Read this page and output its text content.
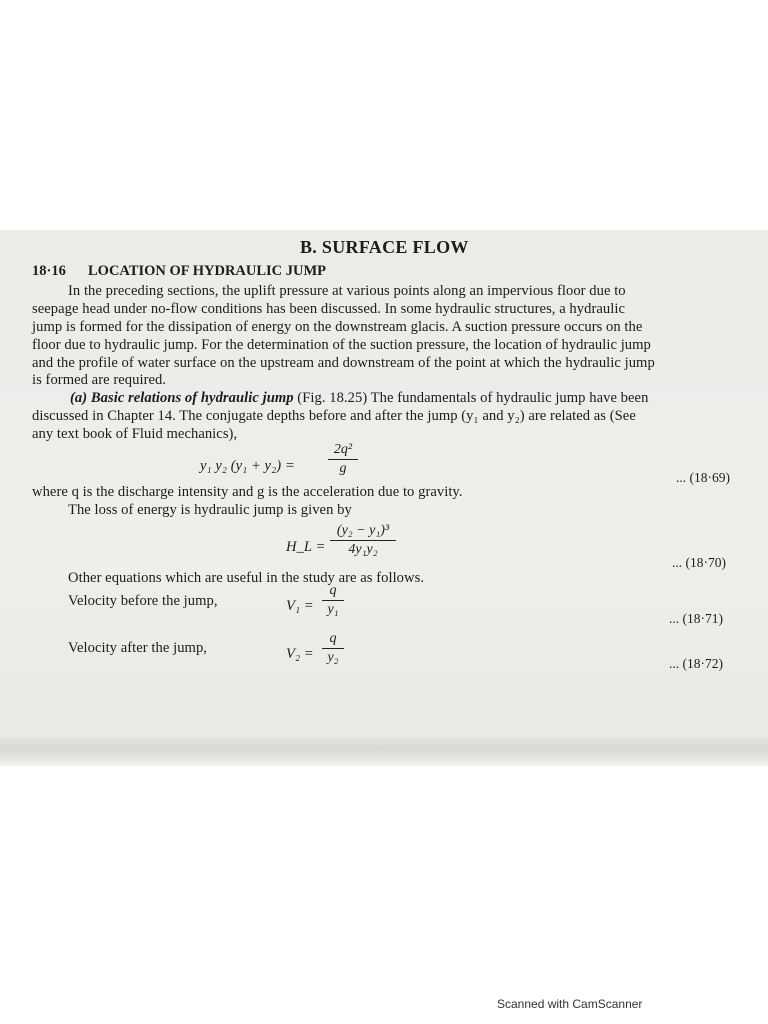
B. SURFACE FLOW
18·16 LOCATION OF HYDRAULIC JUMP
In the preceding sections, the uplift pressure at various points along an impervious floor due to
seepage head under no-flow conditions has been discussed. In some hydraulic structures, a hydraulic
jump is formed for the dissipation of energy on the downstream glacis. A suction pressure occurs on the
floor due to hydraulic jump. For the determination of the suction pressure, the location of hydraulic jump
and the profile of water surface on the upstream and downstream of the point at which the hydraulic jump
is formed are required.
(a) Basic relations of hydraulic jump (Fig. 18.25) The fundamentals of hydraulic jump have been
discussed in Chapter 14. The conjugate depths before and after the jump (y₁ and y₂) are related as (See
any text book of Fluid mechanics),
y₁ y₂ (y₁ + y₂) =
2q²
g
... (18·69)
where q is the discharge intensity and g is the acceleration due to gravity.
The loss of energy is hydraulic jump is given by
H_L =
(y₂ − y₁)³
4y₁y₂
... (18·70)
Other equations which are useful in the study are as follows.
Velocity before the jump,	V₁ =
q
y₁
... (18·71)
Velocity after the jump,	V₂ =
q
y₂	... (18·72)
Scanned with CamScanner
